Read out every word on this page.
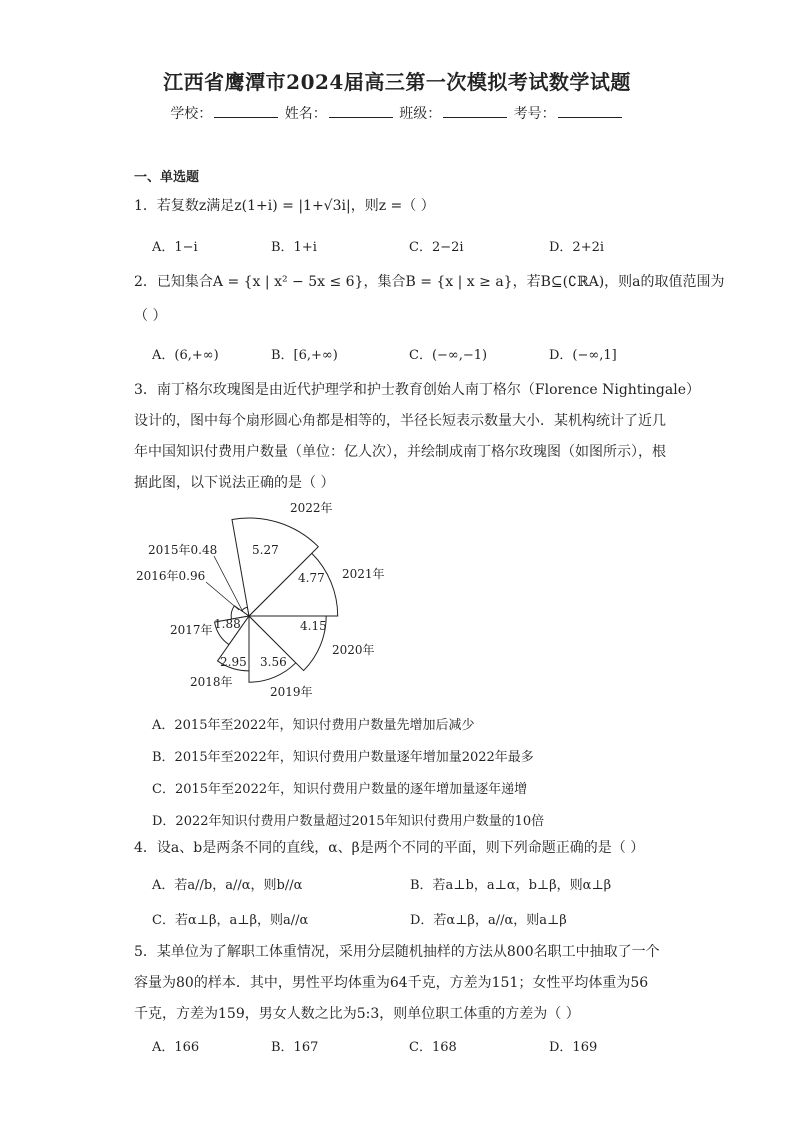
江西省鹰潭市2024届高三第一次模拟考试数学试题
学校：	姓名：	班级：	考号：
一、单选题
1．若复数z满足z(1+i) = |1+√3i|，则z =（ ）
A．1−i	B．1+i	C．2−2i	D．2+2i
2．已知集合A = {x | x² − 5x ≤ 6}，集合B = {x | x ≥ a}，若B⊆(∁ℝA)，则a的取值范围为
（ ）
A．(6,+∞)	B．[6,+∞)	C．(−∞,−1)	D．(−∞,1]
3．南丁格尔玫瑰图是由近代护理学和护士教育创始人南丁格尔（Florence Nightingale）
设计的，图中每个扇形圆心角都是相等的，半径长短表示数量大小．某机构统计了近几
年中国知识付费用户数量（单位：亿人次），并绘制成南丁格尔玫瑰图（如图所示），根
据此图，以下说法正确的是（ ）
2015年0.48
2016年0.96
2017年
2018年
2019年
2020年
2021年
2022年
1.88
2.95 3.56
4.15
4.77
5.27
A．2015年至2022年，知识付费用户数量先增加后减少
B．2015年至2022年，知识付费用户数量逐年增加量2022年最多
C．2015年至2022年，知识付费用户数量的逐年增加量逐年递增
D．2022年知识付费用户数量超过2015年知识付费用户数量的10倍
4．设a、b是两条不同的直线，α、β是两个不同的平面，则下列命题正确的是（ ）
A．若a//b，a//α，则b//α	B．若a⊥b，a⊥α，b⊥β，则α⊥β
C．若α⊥β，a⊥β，则a//α	D．若α⊥β，a//α，则a⊥β
5．某单位为了解职工体重情况，采用分层随机抽样的方法从800名职工中抽取了一个
容量为80的样本．其中，男性平均体重为64千克，方差为151；女性平均体重为56
千克，方差为159，男女人数之比为5:3，则单位职工体重的方差为（ ）
A．166	B．167	C．168	D．169
